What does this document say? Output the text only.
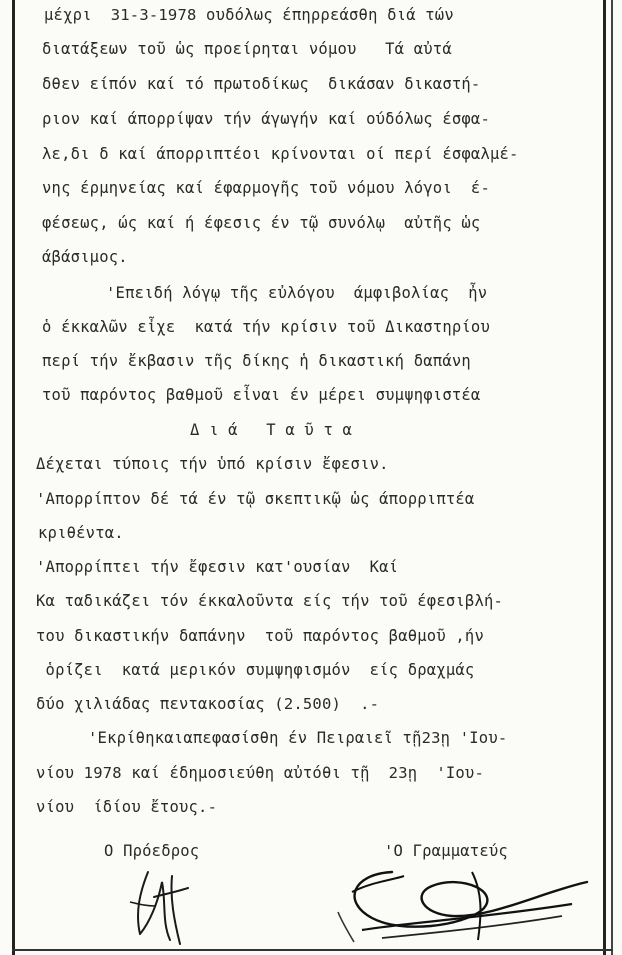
μέχρι  31-3-1978 ουδόλως έπηρρεάσθη διά τών
διατάξεων τοῦ ὡς προείρηται νόμου   Τά αὐτά
δθεν είπόν καί τό πρωτοδίκως  δικάσαν δικαστή-
ριον καί άπορρίψαν τήν άγωγήν καί ούδόλως έσφα-
λε,δι δ καί άπορριπτέοι κρίνονται οί περί έσφαλμέ-
νης έρμηνείας καί έφαρμογῆς τοῦ νόμου λόγοι  έ-
φέσεως, ώς καί ή έφεσις έν τῷ συνόλῳ  αὐτῆς ὡς
άβάσιμος.
'Επειδή λόγῳ τῆς εὐλόγου  άμφιβολίας  ἦν
ὁ έκκαλῶν εἶχε  κατά τήν κρίσιν τοῦ Δικαστηρίου
περί τήν ἔκβασιν τῆς δίκης ἡ δικαστική δαπάνη
τοῦ παρόντος βαθμοῦ εἶναι έν μέρει συμψηφιστέα
Δ ι ά   Τ α ῦ τ α
Δέχεται τύποις τήν ὑπό κρίσιν ἔφεσιν.
'Απορρίπτον δέ τά έν τῷ σκεπτικῷ ὡς άπορριπτέα
κριθέντα.
'Απορρίπτει τήν ἔφεσιν κατ'ουσίαν  Καί
Κα ταδικάζει τόν έκκαλοῦντα είς τήν τοῦ έφεσιβλή-
του δικαστικήν δαπάνην  τοῦ παρόντος βαθμοῦ ,ήν
ὁρίζει  κατά μερικόν συμψηφισμόν  είς δραχμάς
δύο χιλιάδας πεντακοσίας (2.500)  .-
'Εκρίθηκαιαπεφασίσθη έν Πειραιεῖ τῇ23ῃ 'Ιου-
νίου 1978 καί έδημοσιεύθη αὐτόθι τῇ  23ῃ  'Ιου-
νίου  ίδίου ἔτους.-
Ο Πρόεδρος	'Ο Γραμματεύς
